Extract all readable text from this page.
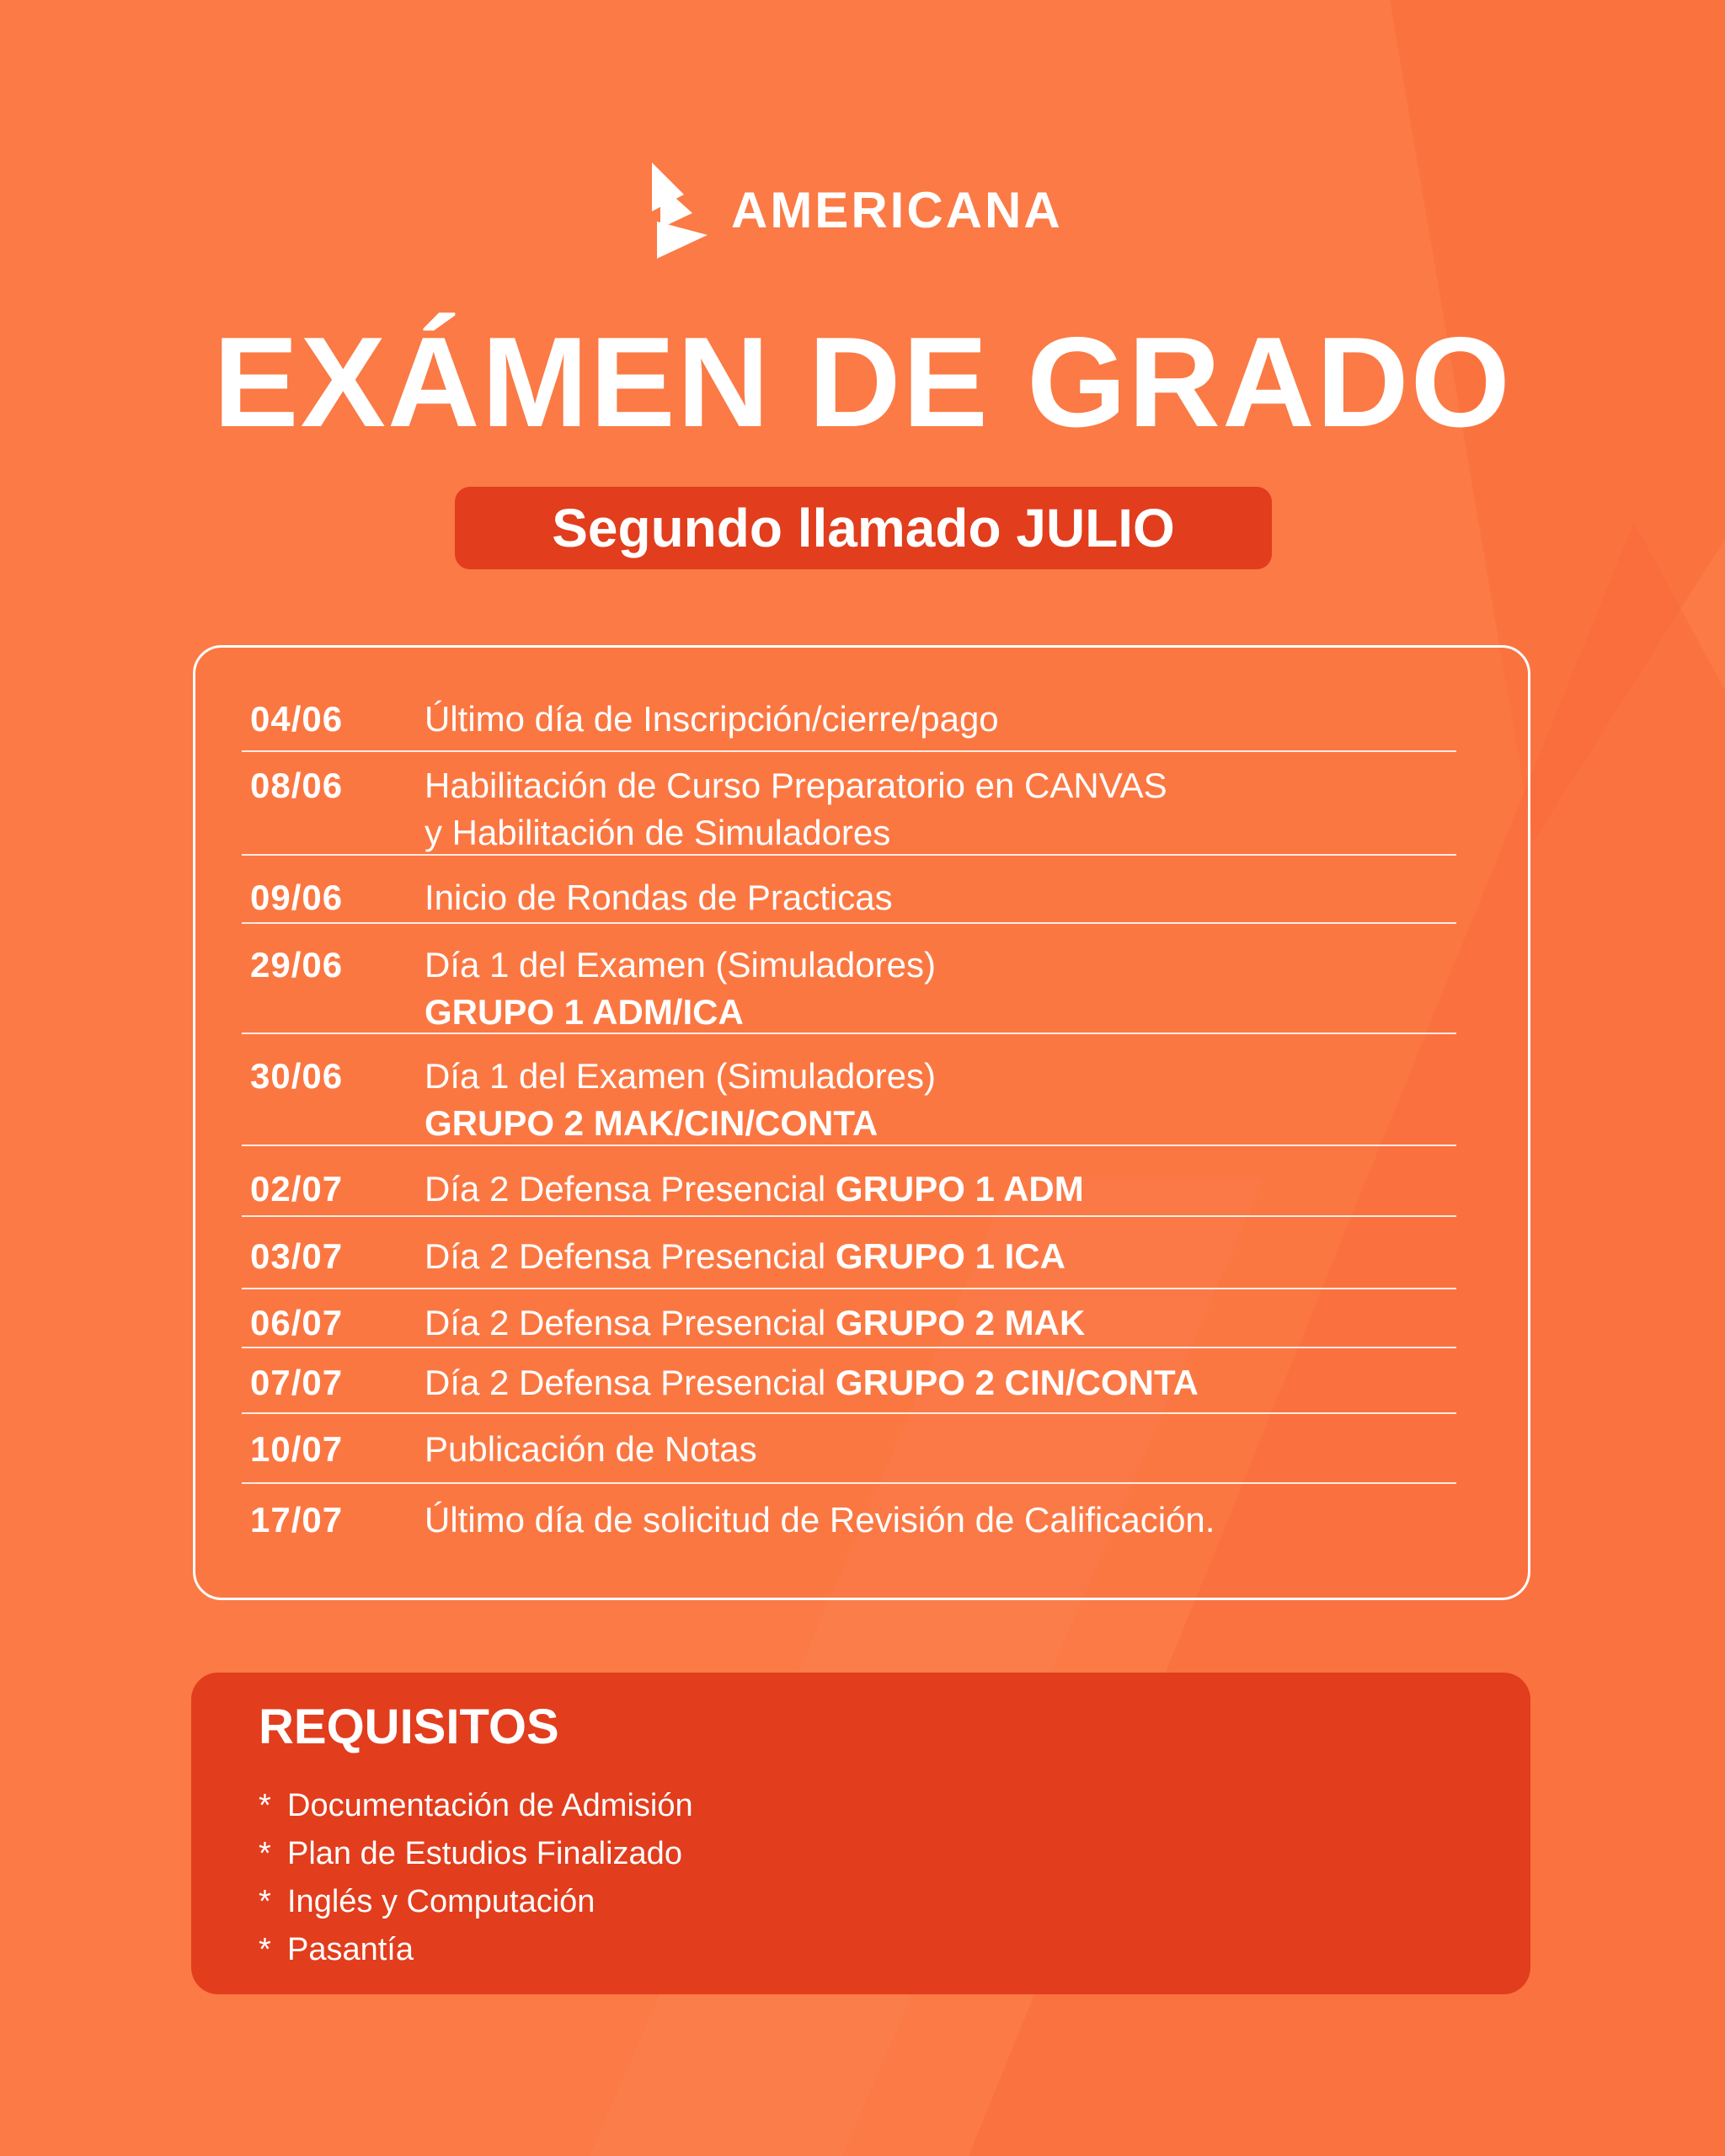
AMERICANA
EXÁMEN DE GRADO
Segundo llamado JULIO
04/06 Último día de Inscripción/cierre/pago
08/06 Habilitación de Curso Preparatorio en CANVAS
y Habilitación de Simuladores
09/06 Inicio de Rondas de Practicas
29/06 Día 1 del Examen (Simuladores)
GRUPO 1 ADM/ICA
30/06 Día 1 del Examen (Simuladores)
GRUPO 2 MAK/CIN/CONTA
02/07 Día 2 Defensa Presencial GRUPO 1 ADM
03/07 Día 2 Defensa Presencial GRUPO 1 ICA
06/07 Día 2 Defensa Presencial GRUPO 2 MAK
07/07 Día 2 Defensa Presencial GRUPO 2 CIN/CONTA
10/07 Publicación de Notas
17/07 Último día de solicitud de Revisión de Calificación.
REQUISITOS
* Documentación de Admisión
* Plan de Estudios Finalizado
* Inglés y Computación
* Pasantía
